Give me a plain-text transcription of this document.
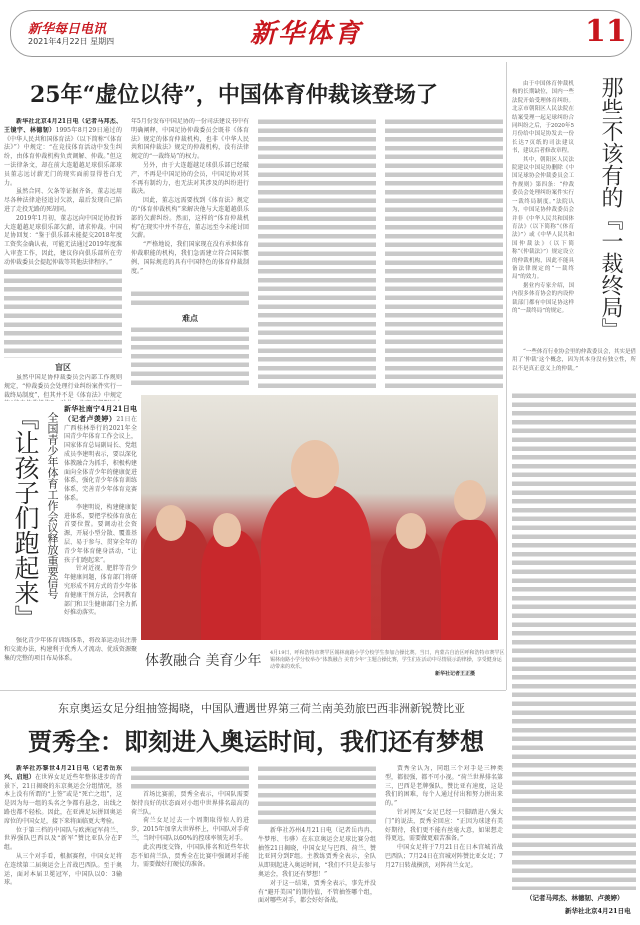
新华每日电讯
2021年4月22日 星期四	新华体育	11
25年“虚位以待”，中国体育仲裁该登场了

新华社北京4月21日电（记者马邦杰、王镜宇、林德韧）1995年8月29日通过的《中华人民共和国体育法》（以下简称“《体育法》”）中规定：“在竞技体育活动中发生纠纷，由体育仲裁机构负责调解、仲裁。”但这一法律条文，却在前大连超越足球俱乐部球员董志远讨薪无门的现实面前显得苍白无力。

虽然合同、欠条等证据齐备，董志远用尽各种法律途径追讨欠款，最后发现自己陷进了走投无路的死胡同。

2019年1月初，董志远向中国足协投诉大连超越足球俱乐部欠薪，请求仲裁。中国足协回复：“鉴于俱乐部未能提交2018年度工资奖金确认表，可能无法通过2019年度准入审查工作，因此，建议你向俱乐部所在劳动仲裁委员会提起仲裁等其他法律程序。”

年5月份发布中国足协的一份司法建议书中有明确阐释，中国足协仲裁委员会既非《体育法》规定的体育仲裁机构，也非《中华人民共和国仲裁法》规定的仲裁机构，没有法律规定的“一裁终局”的权力。

另外，由于大连超越足球俱乐部已经破产，不再是中国足协的会员，中国足协对其不再有制约力，也无法对其涉及的纠纷进行裁决。

因此，董志远需要找到《体育法》规定的“体育仲裁机构”来解决他与大连超越俱乐部的欠薪纠纷。然而，这样的“体育仲裁机构”在现实中并不存在，董志远至今未能讨回欠薪。

“严格地说，我们国家现在没有承担体育仲裁职能的机构，我们急需建立符合国际惯例、国际规范的具有中国特色的体育仲裁制度。”

难点
盲区
虽然中国足协仲裁委员会内部工作规则规定，“仲裁委员会处理行业纠纷案件实行一裁终局制度”，但其并不是《体育法》中规定
『让孩子们跑起来』 全国青少年体育工作会议释放重要信号

新华社南宁4月21日电（记者卢羡婷）21日在广西桂林举行的2021年全国青少年体育工作会议上，国家体育总局副局长、党组成员李建明表示，要以深化体教融合为抓手，积极构建面向全体青少年的健康促进体系，强化青少年体育训练体系，完善青少年体育竞赛体系。

李建明说，构建健康促进体系，要把学校体育放在首要位置。要调动社会资源，开展小型分散、覆盖基层、易于参与、贯穿全年的青少年体育健身活动，“让孩子们跑起来”。

针对近视、肥胖等青少年健康问题，体育部门将研究形成不同方式的青少年体育健康干预方法，会同教育部门和卫生健康部门全力抓好推动落实。

强化青少年体育训练体系，将改革运动员注册和交流办法，构建利于优秀人才流动、优质资源聚集的完整的项目布局体系。	体教融合 美育少年 4月19日，呼和浩特市赛罕区锡林南路小学分校学生参加合操比赛。当日，内蒙古自治区呼和浩特市赛罕区锡林南路小学分校举办“体教融合 美育少年”主题合操比赛，学生们在活动中尽情展示韵律操，享受健身运动带来的欢乐。
新华社记者王正摄

由于中国体育仲裁机构的长期缺位，国内一些法院开始受理体育纠纷。北京市朝阳区人民法院在结案受理一起足球纠纷合同纠纷之后，于2020年5月份给中国足协发去一份长达7页纸的司法建议书，建议后者修改章程。

其中，朝阳区人民法院建议中国足协删除《中国足球协会仲裁委员会工作规则》第四条：“仲裁委员会处理纠纷案件实行一裁终局制度。”法院认为，中国足协仲裁委员会并非《中华人民共和国体育法》（以下简称“《体育法》”）或《中华人民共和国仲裁法》（以下简称“《仲裁法》”）规定设立的仲裁机构，因此不能具备法律规定的“一裁终局”的效力。

据业内专家介绍，国内很多体育协会的内设仲裁部门都有中国足协这样的“一裁终局”的规定。	那些不该有的『一裁终局』
“一些体育行业协会里的仲裁委员会，其实是借用了‘仲裁’这个概念，因为其本身没有独立性，所以不是真正意义上的仲裁。”
（记者马邦杰、林德韧、卢羡婷）
新华社北京4月21日电
东京奥运女足分组抽签揭晓，中国队遭遇世界第三荷兰南美劲旅巴西非洲新锐赞比亚
贾秀全：即刻进入奥运时间，我们还有梦想

新华社苏黎世4月21日电（记者岳东兴、启旭）在世界女足近些年整体进步的背景下，21日揭晓的东京奥运会分组情况，基本上没有所谓的“上签”或是“死亡之组”，这是因为每一组的头名之争都有悬念，出线之路也都不轻松。因此，在亚洲足坛拼回奥运席位的中国女足，接下来将面临更大考验。

位于第三档的中国队与欧洲冠军荷兰、世界强队巴西以及“新军”赞比亚队分在F组。

从三个对手看，根据赛程，中国女足将在连续第二届奥运会上首战巴西队。至于奥运，面对本届卫冕冠军，中国队以0：3输球。

首场比赛前，贾秀全表示，中国队需要保持良好的状态面对小组中世界排名最高的荷兰队。

荷兰女足过去一个周期取得惊人的进步，2015年加拿大世界杯上，中国队对手荷兰，当时中国队以60%的控球率领先对手。

此次再度交锋，中国队排名和近些年状态不如荷兰队，贾秀全在比赛中强调对手能力，需要做好打硬仗的准备。

新华社苏州4月21日电（记者岳冉冉、牛梦彤、韦骅）在东京奥运会足球比赛分组抽签21日揭晓，中国女足与巴西、荷兰、赞比亚同分到F组。主教练贾秀全表示，全队从即刻起进入奥运时间，“我们不只是去参与奥运会，我们还有梦想！”

对于这一结果，贾秀全表示，事先并没有“避开美国”的期待值，不管抽签哪个组，面对哪些对手，都会好好备战。

贾秀全认为，同组三个对手是三种类型，都很强，都不可小视。“荷兰世界排名第三，巴西是老牌强队，赞比亚有速度，这是我们的困难，每个人通过付出和努力拼出来的。”

针对网友“女足已经一只脚踏进八强大门”的说法，贾秀全回应：“正因为球迷有美好期待，我们更不能有丝毫大意，如果想走得更远，需要做更艰苦准备。”

中国女足将于7月21日在日本宫城首战巴西队；7月24日在宫城对阵赞比亚女足；7月27日转战横滨，对阵荷兰女足。
